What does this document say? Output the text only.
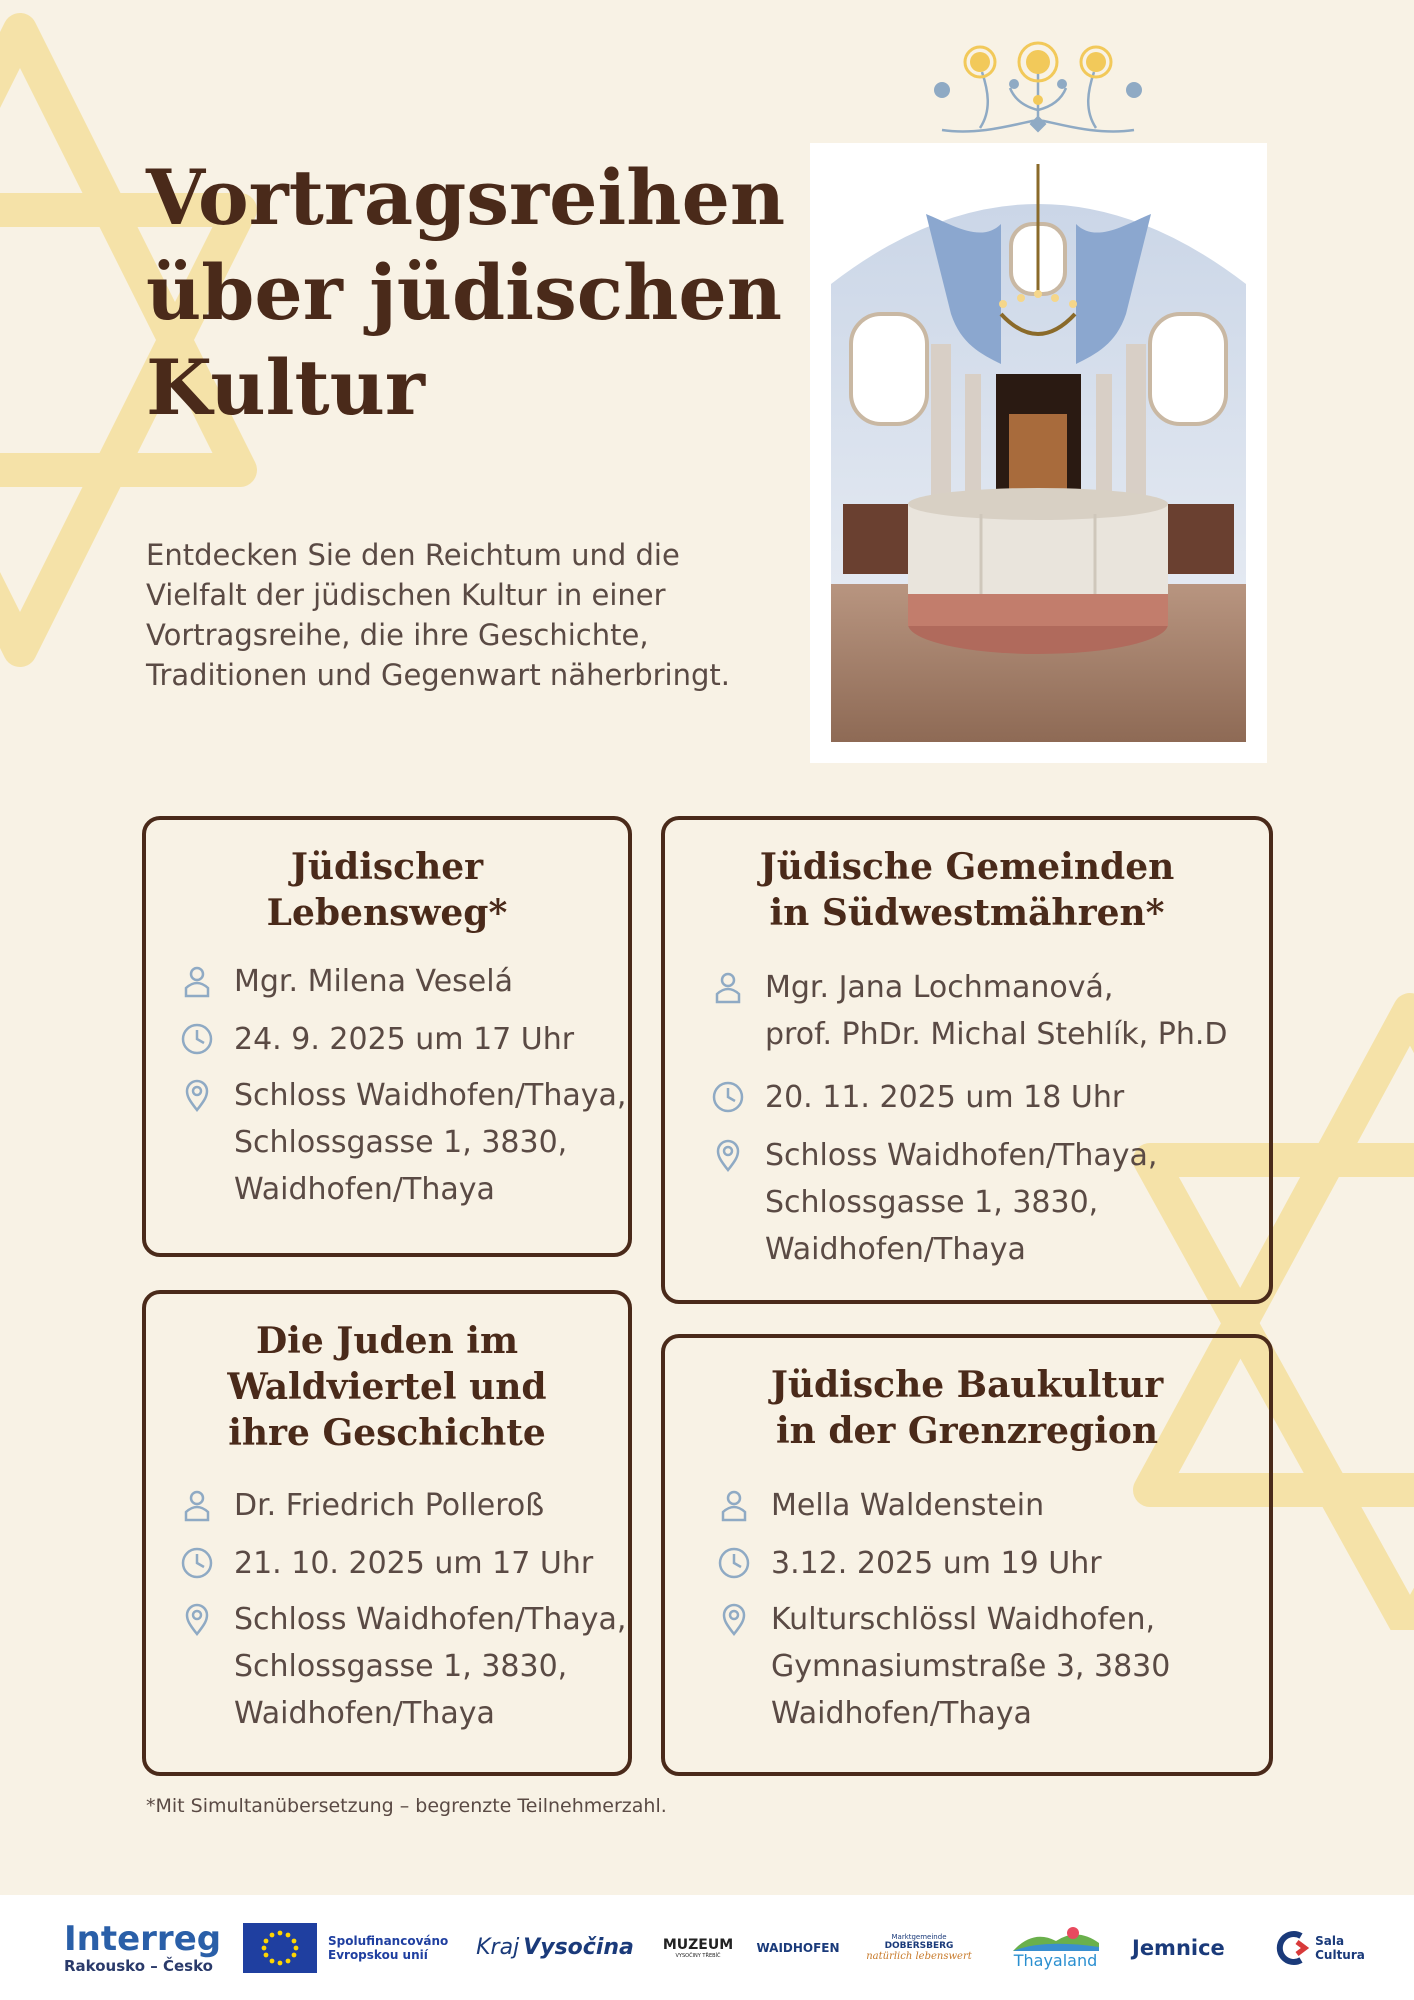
Vortragsreihen
über jüdischen
Kultur

Entdecken Sie den Reichtum und die
Vielfalt der jüdischen Kultur in einer
Vortragsreihe, die ihre Geschichte,
Traditionen und Gegenwart näherbringt.

Jüdischer
Lebensweg*
Mgr. Milena Veselá
24. 9. 2025 um 17 Uhr
Schloss Waidhofen/Thaya,
Schlossgasse 1, 3830,
Waidhofen/Thaya
Jüdische Gemeinden
in Südwestmähren*
Mgr. Jana Lochmanová,
prof. PhDr. Michal Stehlík, Ph.D
20. 11. 2025 um 18 Uhr
Schloss Waidhofen/Thaya,
Schlossgasse 1, 3830,
Waidhofen/Thaya
Die Juden im
Waldviertel und
ihre Geschichte
Dr. Friedrich Polleroß
21. 10. 2025 um 17 Uhr
Schloss Waidhofen/Thaya,
Schlossgasse 1, 3830,
Waidhofen/Thaya
Jüdische Baukultur
in der Grenzregion
Mella Waldenstein
3.12. 2025 um 19 Uhr
Kulturschlössl Waidhofen,
Gymnasiumstraße 3, 3830
Waidhofen/Thaya

*Mit Simultanübersetzung – begrenzte Teilnehmerzahl.

Interreg
Rakousko – Česko
Spolufinancováno
Evropskou unií	Kraj Vysočina MUZEUM
VYSOČINY TŘEBÍČ
WAIDHOFEN
Marktgemeinde
DOBERSBERG
natürlich lebenswert	Thayaland
Jemnice	Sala
Cultura
